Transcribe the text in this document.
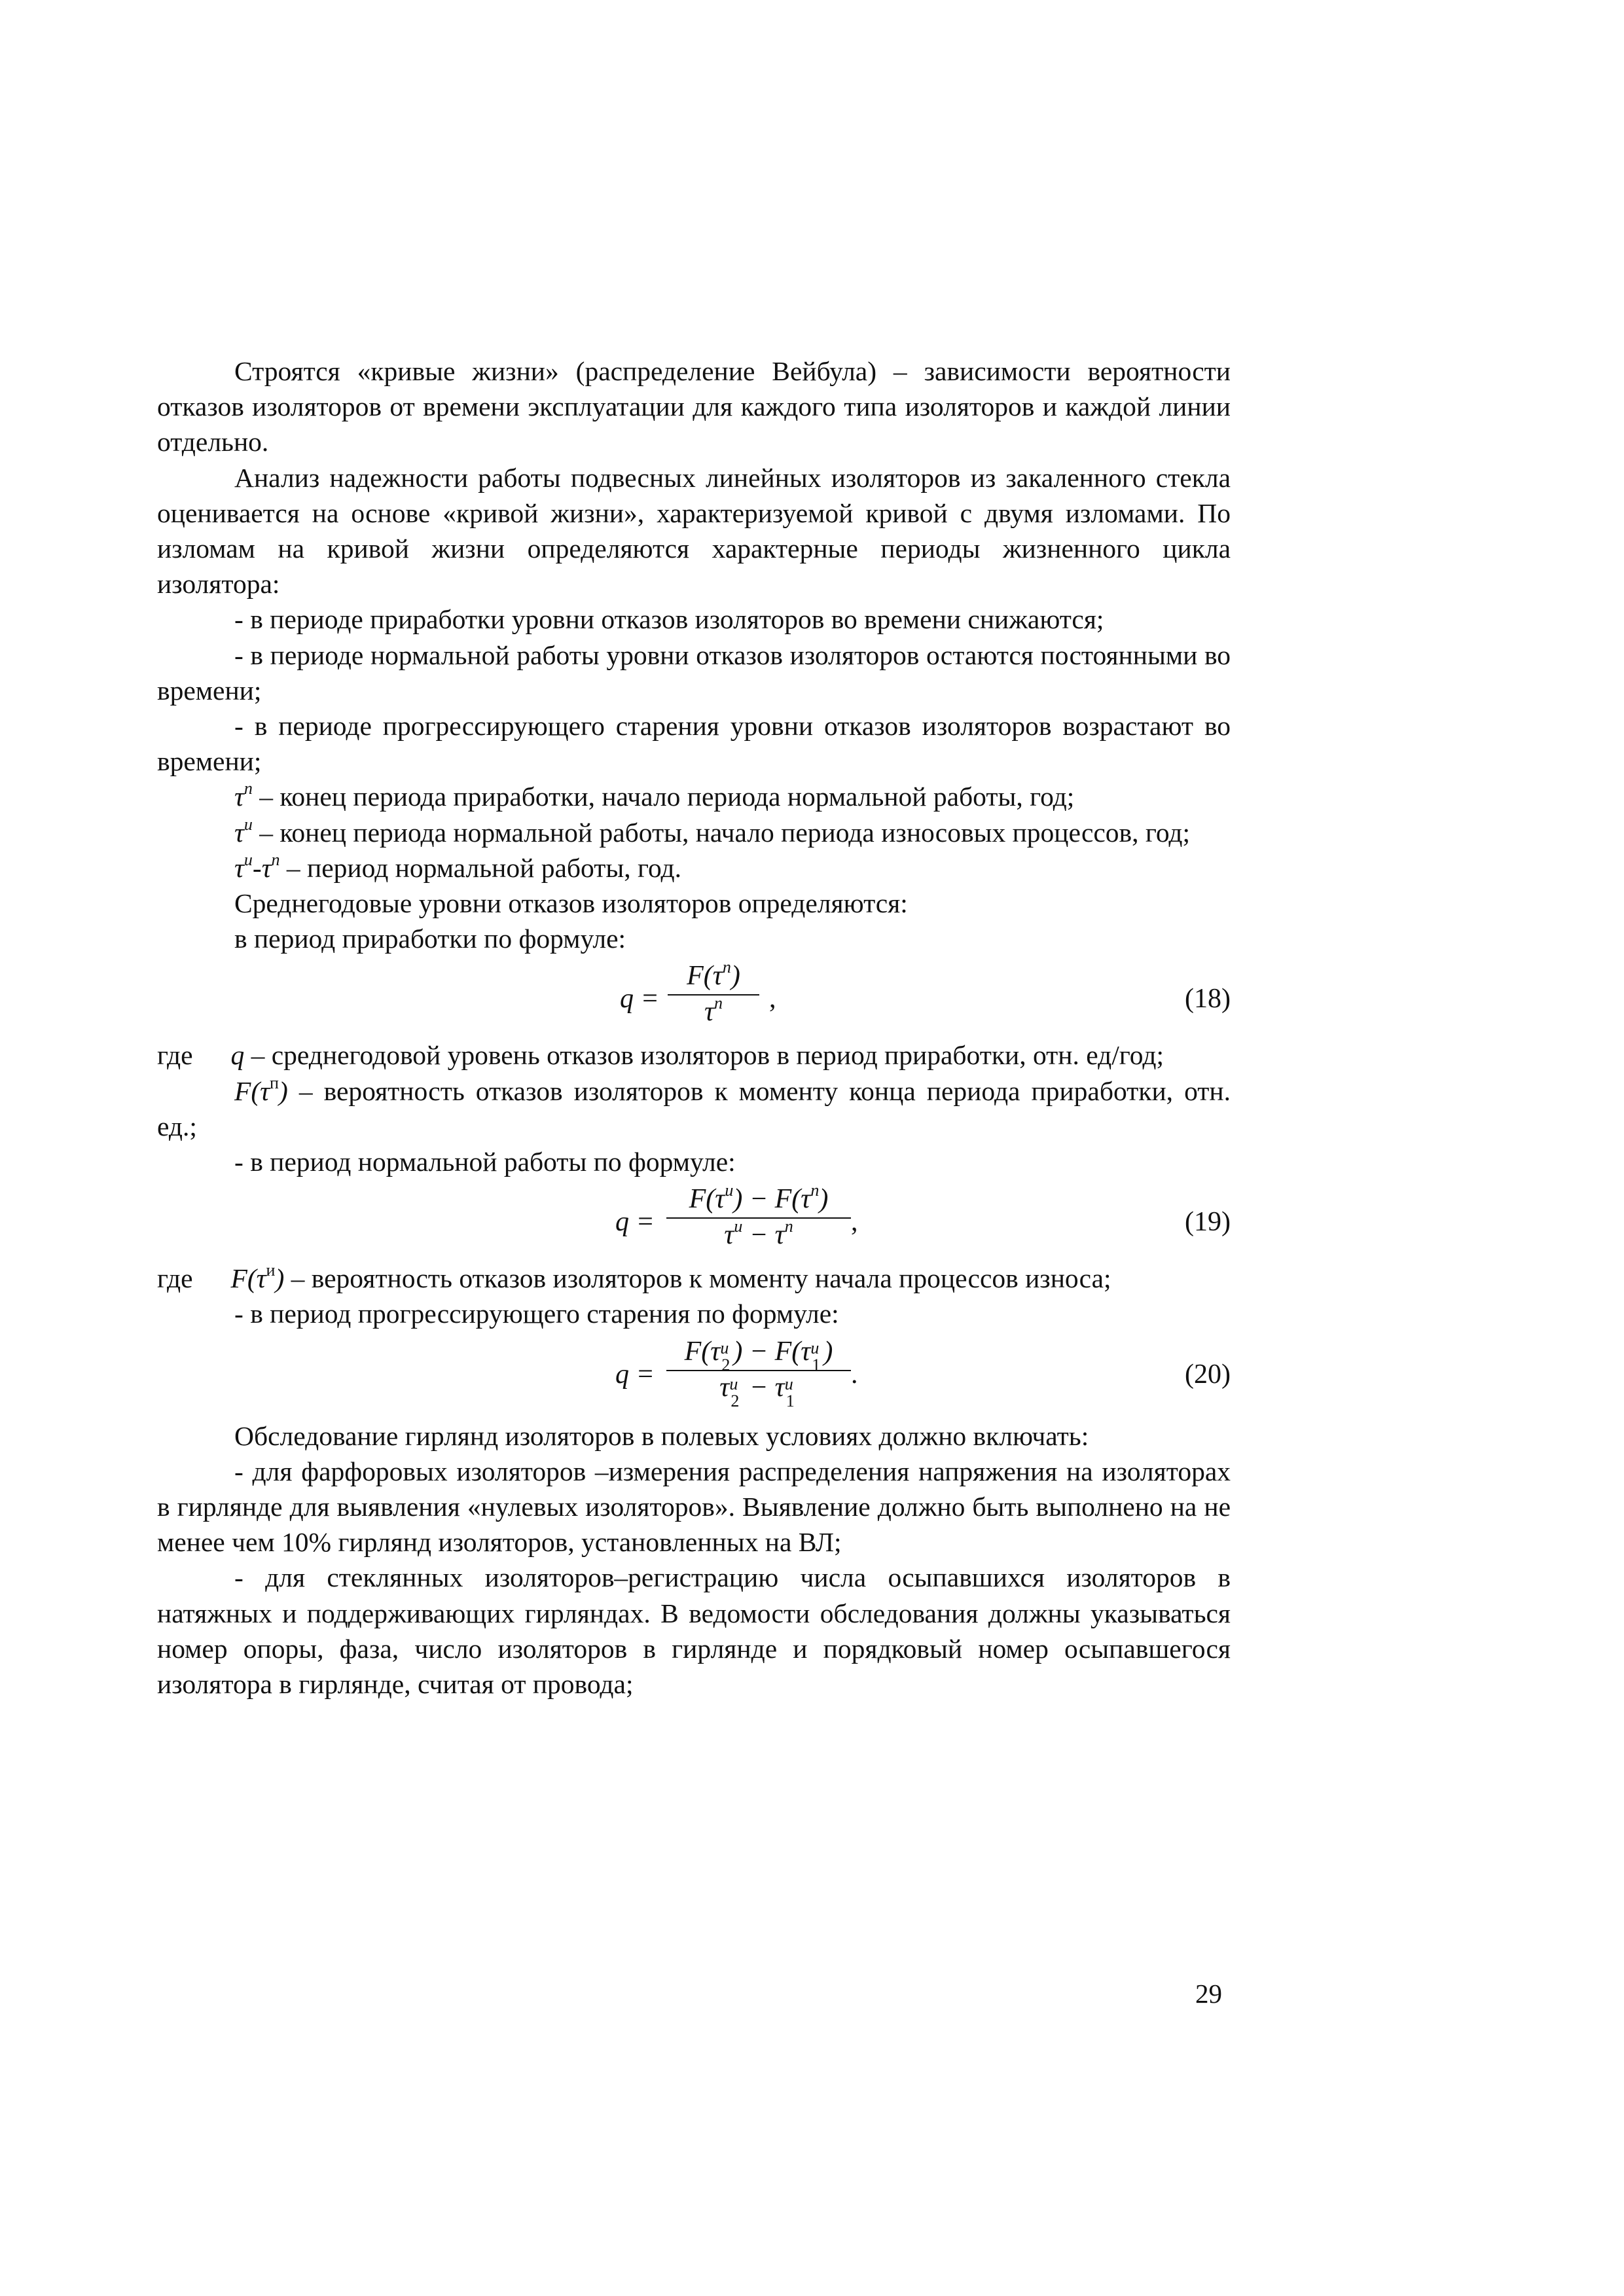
Строятся «кривые жизни» (распределение Вейбула) – зависимости вероятности отказов изоляторов от времени эксплуатации для каждого типа изоляторов и каждой линии отдельно.

Анализ надежности работы подвесных линейных изоляторов из закаленного стекла оценивается на основе «кривой жизни», характеризуемой кривой с двумя изломами. По изломам на кривой жизни определяются характерные периоды жизненного цикла изолятора:

- в периоде приработки уровни отказов изоляторов во времени снижаются;

- в периоде нормальной работы уровни отказов изоляторов остаются постоянными во времени;

- в периоде прогрессирующего старения уровни отказов изоляторов возрастают во времени;

$\tau^п$ – конец периода приработки, начало периода нормальной работы, год;

$\tau^и$ – конец периода нормальной работы, начало периода износовых процессов, год;

$\tau^и-\tau^п$ – период нормальной работы, год.

Среднегодовые уровни отказов изоляторов определяются:

в период приработки по формуле:

q =
$F(\tau^n)$
$\tau^n$	,	(18)

где q – среднегодовой уровень отказов изоляторов в период приработки, отн. ед/год;

$F(\tau^п)$ – вероятность отказов изоляторов к моменту конца периода приработки, отн. ед.;

- в период нормальной работы по формуле:

q =
$F(\tau^u) - F(\tau^n)$
$\tau^u - \tau^n$	,	(19)

где $F(\tau^и)$ – вероятность отказов изоляторов к моменту начала процессов износа;

- в период прогрессирующего старения по формуле:

q =
F(τ u
2 ) − F(τ u
1 )
τ u
2 − τ u
1
.	(20)

Обследование гирлянд изоляторов в полевых условиях должно включать:

- для фарфоровых изоляторов –измерения распределения напряжения на изоляторах в гирлянде для выявления «нулевых изоляторов». Выявление должно быть выполнено на не менее чем 10% гирлянд изоляторов, установленных на ВЛ;

- для стеклянных изоляторов–регистрацию числа осыпавшихся изоляторов в натяжных и поддерживающих гирляндах. В ведомости обследования должны указываться номер опоры, фаза, число изоляторов в гирлянде и порядковый номер осыпавшегося изолятора в гирлянде, считая от провода;

29
